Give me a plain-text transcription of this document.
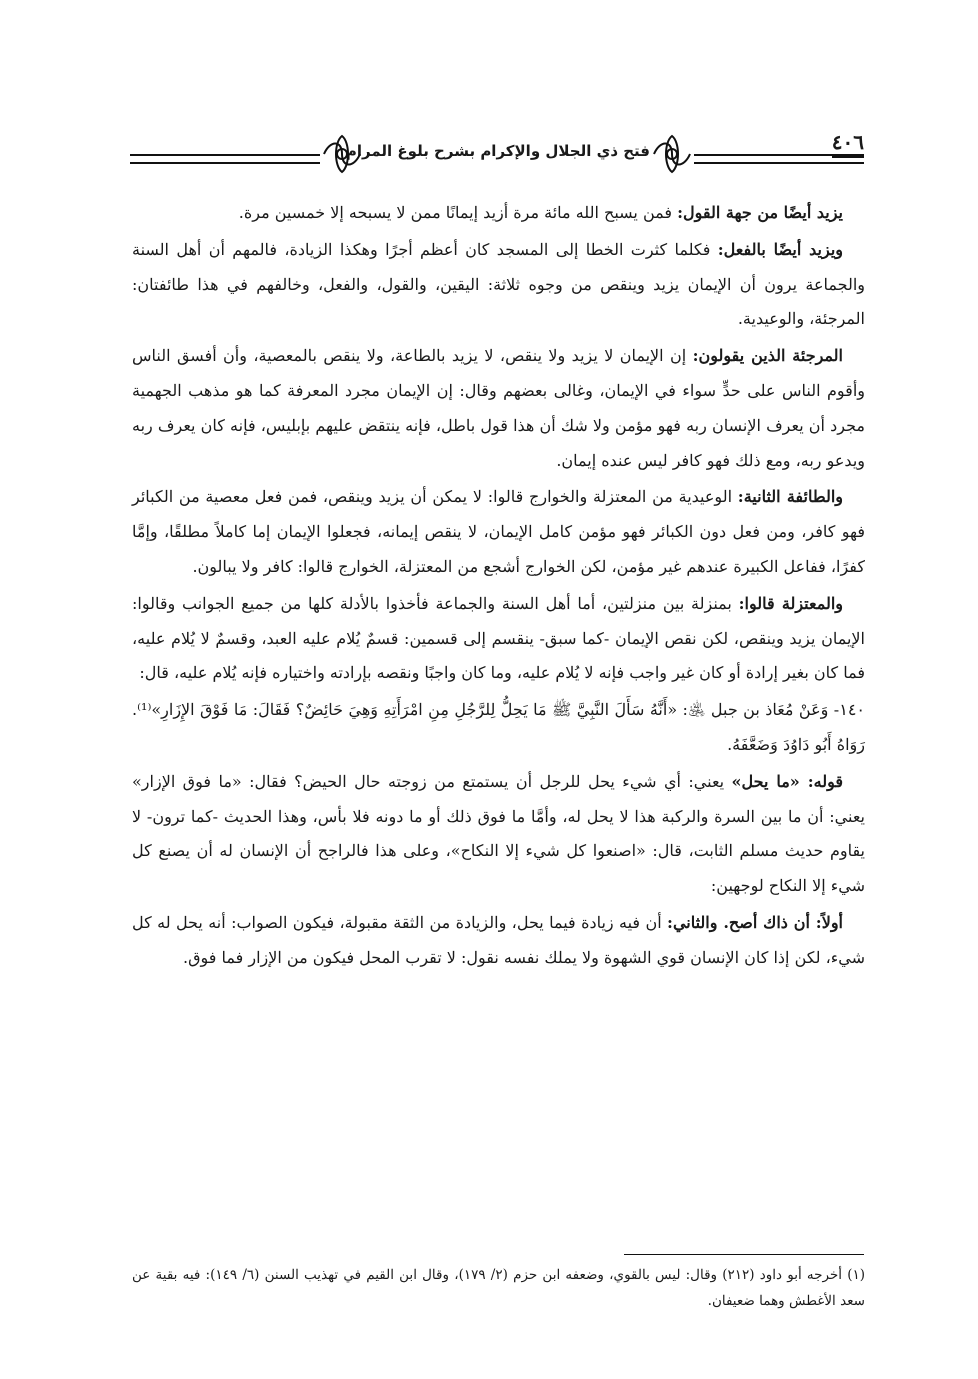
٤٠٦
فتح ذي الجلال والإكرام بشرح بلوغ المرام

يزيد أيضًا من جهة القول: فمن يسبح الله مائة مرة أزيد إيمانًا ممن لا يسبحه إلا خمسين مرة.

ويزيد أيضًا بالفعل: فكلما كثرت الخطا إلى المسجد كان أعظم أجرًا وهكذا الزيادة، فالمهم أن أهل السنة والجماعة يرون أن الإيمان يزيد وينقص من وجوه ثلاثة: اليقين، والقول، والفعل، وخالفهم في هذا طائفتان: المرجئة، والوعيدية.

المرجئة الذين يقولون: إن الإيمان لا يزيد ولا ينقص، لا يزيد بالطاعة، ولا ينقص بالمعصية، وأن أفسق الناس وأقوم الناس على حدٍّ سواء في الإيمان، وغالى بعضهم وقال: إن الإيمان مجرد المعرفة كما هو مذهب الجهمية مجرد أن يعرف الإنسان ربه فهو مؤمن ولا شك أن هذا قول باطل، فإنه ينتقض عليهم بإبليس، فإنه كان يعرف ربه ويدعو ربه، ومع ذلك فهو كافر ليس عنده إيمان.

والطائفة الثانية: الوعيدية من المعتزلة والخوارج قالوا: لا يمكن أن يزيد وينقص، فمن فعل معصية من الكبائر فهو كافر، ومن فعل دون الكبائر فهو مؤمن كامل الإيمان، لا ينقص إيمانه، فجعلوا الإيمان إما كاملاً مطلقًا، وإمَّا كفرًا، ففاعل الكبيرة عندهم غير مؤمن، لكن الخوارج أشجع من المعتزلة، الخوارج قالوا: كافر ولا يبالون.

والمعتزلة قالوا: بمنزلة بين منزلتين، أما أهل السنة والجماعة فأخذوا بالأدلة كلها من جميع الجوانب وقالوا: الإيمان يزيد وينقص، لكن نقص الإيمان -كما سبق- ينقسم إلى قسمين: قسمٌ يُلام عليه العبد، وقسمٌ لا يُلام عليه، فما كان بغير إرادة أو كان غير واجب فإنه لا يُلام عليه، وما كان واجبًا ونقصه بإرادته واختياره فإنه يُلام عليه، قال:

١٤٠- وَعَنْ مُعَاذ بن جبل ﵁: «أَنَّهُ سَأَلَ النَّبِيَّ ﷺ مَا يَحِلُّ لِلرَّجُلِ مِنِ امْرَأَتِهِ وَهِيَ حَائِضٌ؟ فَقَالَ: مَا فَوْقَ الإِزَارِ»⁽¹⁾. رَوَاهُ أَبُو دَاوُدَ وَضَعَّفَهُ.

قوله: «ما يحل» يعني: أي شيء يحل للرجل أن يستمتع من زوجته حال الحيض؟ فقال: «ما فوق الإزار» يعني: أن ما بين السرة والركبة هذا لا يحل له، وأمَّا ما فوق ذلك أو ما دونه فلا بأس، وهذا الحديث -كما ترون- لا يقاوم حديث مسلم الثابت، قال: «اصنعوا كل شيء إلا النكاح»، وعلى هذا فالراجح أن الإنسان له أن يصنع كل شيء إلا النكاح لوجهين:

أولاً: أن ذاك أصح. والثاني: أن فيه زيادة فيما يحل، والزيادة من الثقة مقبولة، فيكون الصواب: أنه يحل له كل شيء، لكن إذا كان الإنسان قوي الشهوة ولا يملك نفسه نقول: لا تقرب المحل فيكون من الإزار فما فوق.

(١) أخرجه أبو داود (٢١٢) وقال: ليس بالقوي، وضعفه ابن حزم (٢/ ١٧٩)، وقال ابن القيم في تهذيب السنن (٦/ ١٤٩): فيه بقية عن سعد الأغطش وهما ضعيفان.
